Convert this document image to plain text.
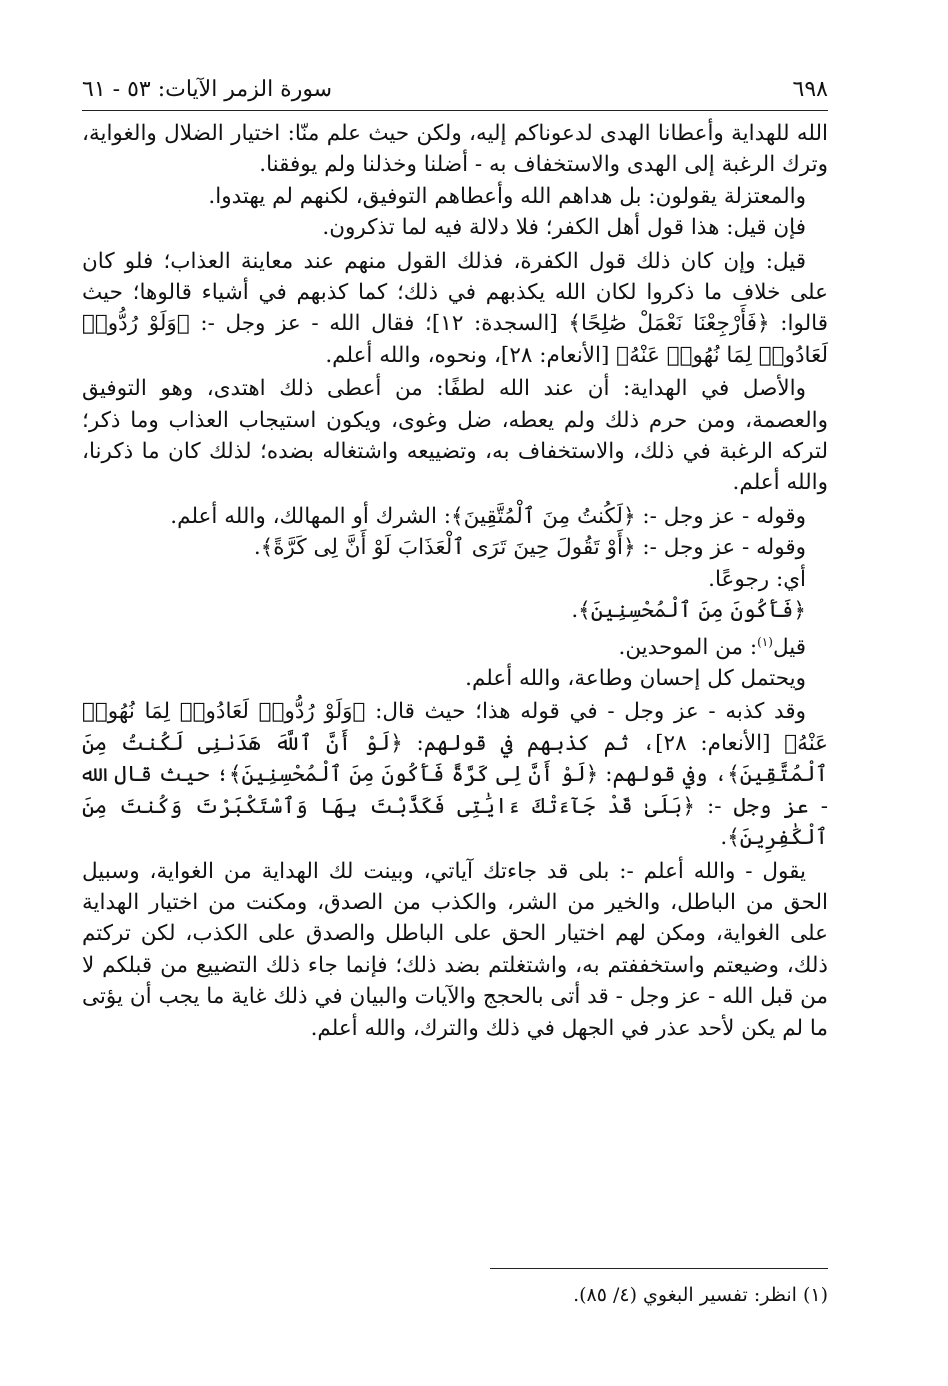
٦٩٨
سورة الزمر الآيات: ٥٣ - ٦١

الله للهداية وأعطانا الهدى لدعوناكم إليه، ولكن حيث علم منّا: اختيار الضلال والغواية، وترك الرغبة إلى الهدى والاستخفاف به - أضلنا وخذلنا ولم يوفقنا.

والمعتزلة يقولون: بل هداهم الله وأعطاهم التوفيق، لكنهم لم يهتدوا.

فإن قيل: هذا قول أهل الكفر؛ فلا دلالة فيه لما تذكرون.

قيل: وإن كان ذلك قول الكفرة، فذلك القول منهم عند معاينة العذاب؛ فلو كان على خلاف ما ذكروا لكان الله يكذبهم في ذلك؛ كما كذبهم في أشياء قالوها؛ حيث قالوا: ﴿فَأَرْجِعْنَا نَعْمَلْ صَٰلِحًا﴾ [السجدة: ١٢]؛ فقال الله - عز وجل -: ﴿وَلَوْ رُدُّوا۟ لَعَادُوا۟ لِمَا نُهُوا۟ عَنْهُ﴾ [الأنعام: ٢٨]، ونحوه، والله أعلم.

والأصل في الهداية: أن عند الله لطفًا: من أعطى ذلك اهتدى، وهو التوفيق والعصمة، ومن حرم ذلك ولم يعطه، ضل وغوى، ويكون استيجاب العذاب وما ذكر؛ لتركه الرغبة في ذلك، والاستخفاف به، وتضييعه واشتغاله بضده؛ لذلك كان ما ذكرنا، والله أعلم.

وقوله - عز وجل -: ﴿لَكُنتُ مِنَ ٱلْمُتَّقِينَ﴾: الشرك أو المهالك، والله أعلم.

وقوله - عز وجل -: ﴿أَوْ تَقُولَ حِينَ تَرَى ٱلْعَذَابَ لَوْ أَنَّ لِى كَرَّةً﴾.

أي: رجوعًا.

﴿فَأَكُونَ مِنَ ٱلْمُحْسِنِينَ﴾.

قيل$^{(١)}$: من الموحدين.

ويحتمل كل إحسان وطاعة، والله أعلم.

وقد كذبه - عز وجل - في قوله هذا؛ حيث قال: ﴿وَلَوْ رُدُّوا۟ لَعَادُوا۟ لِمَا نُهُوا۟ عَنْهُ﴾ [الأنعام: ٢٨]، ثم كذبهم في قولهم: ﴿لَوْ أَنَّ ٱللَّهَ هَدَىٰنِى لَكُنتُ مِنَ ٱلْمُتَّقِينَ﴾، وفي قولهم: ﴿لَوْ أَنَّ لِى كَرَّةً فَأَكُونَ مِنَ ٱلْمُحْسِنِينَ﴾؛ حيث قال الله - عز وجل -: ﴿بَلَىٰ قَدْ جَآءَتْكَ ءَايَٰتِى فَكَذَّبْتَ بِهَا وَٱسْتَكْبَرْتَ وَكُنتَ مِنَ ٱلْكَٰفِرِينَ﴾.

يقول - والله أعلم -: بلى قد جاءتك آياتي، وبينت لك الهداية من الغواية، وسبيل الحق من الباطل، والخير من الشر، والكذب من الصدق، ومكنت من اختيار الهداية على الغواية، ومكن لهم اختيار الحق على الباطل والصدق على الكذب، لكن تركتم ذلك، وضيعتم واستخففتم به، واشتغلتم بضد ذلك؛ فإنما جاء ذلك التضييع من قبلكم لا من قبل الله - عز وجل - قد أتى بالحجج والآيات والبيان في ذلك غاية ما يجب أن يؤتى ما لم يكن لأحد عذر في الجهل في ذلك والترك، والله أعلم.

(١) انظر: تفسير البغوي (٤/ ٨٥).
